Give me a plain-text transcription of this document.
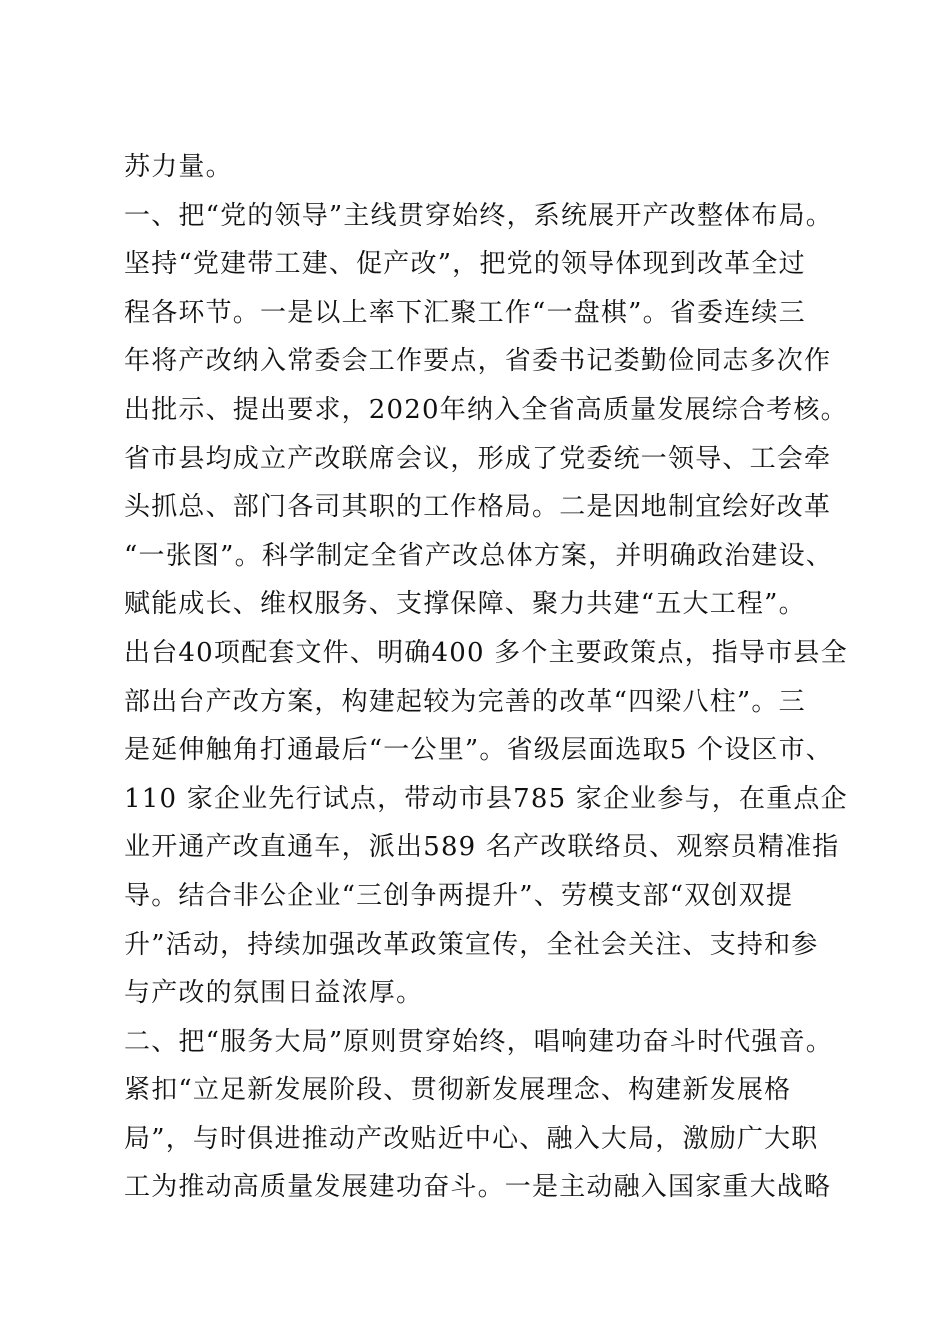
苏力量。
一、把“党的领导”主线贯穿始终，系统展开产改整体布局。
坚持“党建带工建、促产改”，把党的领导体现到改革全过
程各环节。一是以上率下汇聚工作“一盘棋”。省委连续三
年将产改纳入常委会工作要点，省委书记娄勤俭同志多次作
出批示、提出要求，2020年纳入全省高质量发展综合考核。
省市县均成立产改联席会议，形成了党委统一领导、工会牵
头抓总、部门各司其职的工作格局。二是因地制宜绘好改革
“一张图”。科学制定全省产改总体方案，并明确政治建设、
赋能成长、维权服务、支撑保障、聚力共建“五大工程”。
出台40项配套文件、明确400 多个主要政策点，指导市县全
部出台产改方案，构建起较为完善的改革“四梁八柱”。三
是延伸触角打通最后“一公里”。省级层面选取5 个设区市、
110 家企业先行试点，带动市县785 家企业参与，在重点企
业开通产改直通车，派出589 名产改联络员、观察员精准指
导。结合非公企业“三创争两提升”、劳模支部“双创双提
升”活动，持续加强改革政策宣传，全社会关注、支持和参
与产改的氛围日益浓厚。
二、把“服务大局”原则贯穿始终，唱响建功奋斗时代强音。
紧扣“立足新发展阶段、贯彻新发展理念、构建新发展格
局”，与时俱进推动产改贴近中心、融入大局，激励广大职
工为推动高质量发展建功奋斗。一是主动融入国家重大战略
